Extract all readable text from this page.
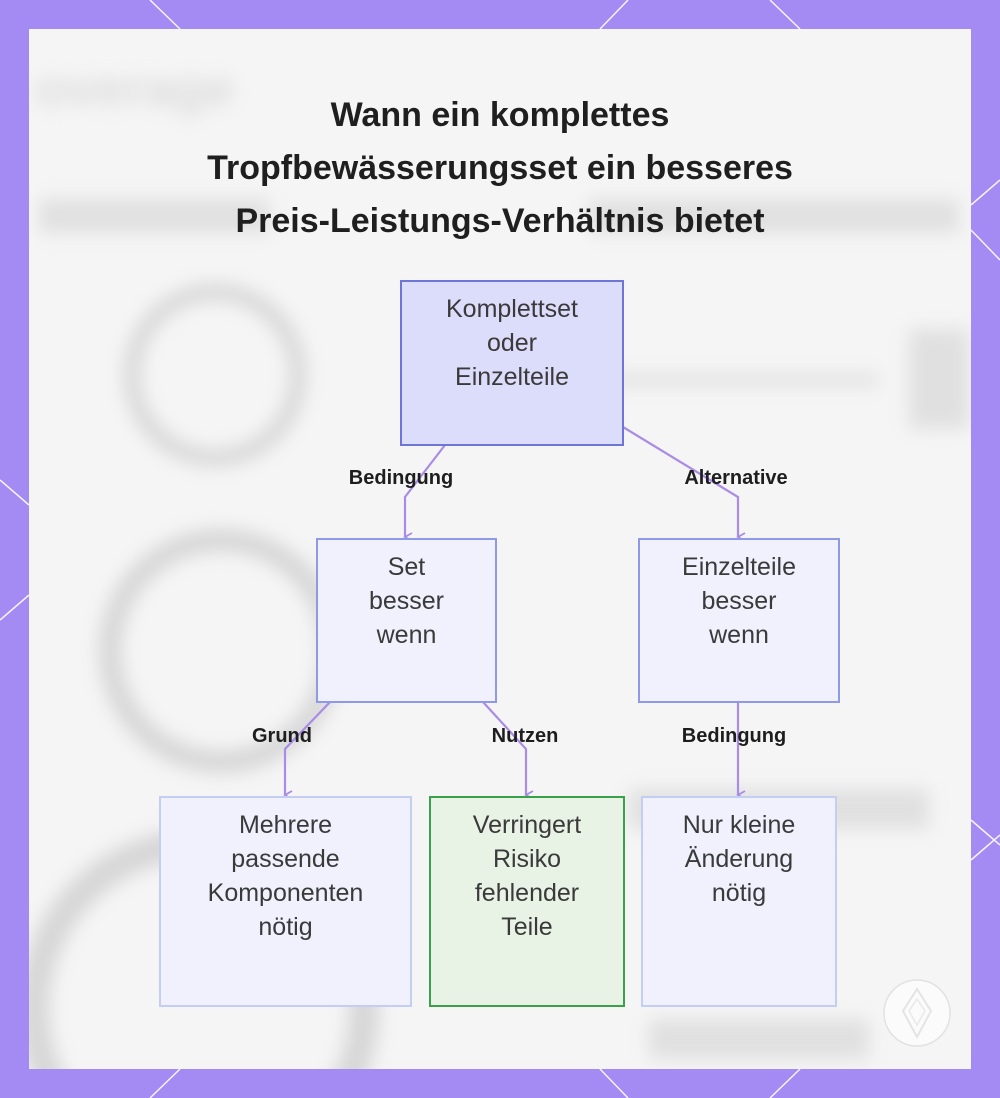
overage	Wann ein komplettes
Tropfbewässerungsset ein besseres
Preis-Leistungs-Verhältnis bietet
Komplettset
oder
Einzelteile
Set
besser
wenn
Einzelteile
besser
wenn
Mehrere
passende
Komponenten
nötig
Verringert
Risiko
fehlender
Teile
Nur kleine
Änderung
nötig
Bedingung	Alternative
Grund	Nutzen	Bedingung
